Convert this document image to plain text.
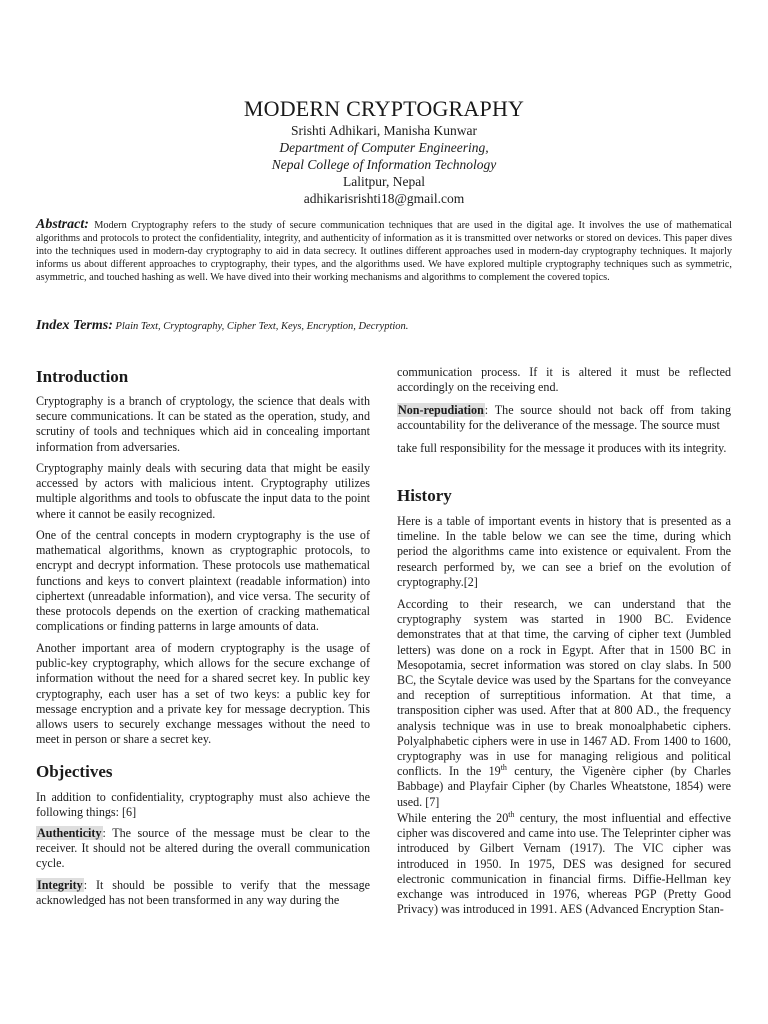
MODERN CRYPTOGRAPHY

Srishti Adhikari, Manisha Kunwar

Department of Computer Engineering,

Nepal College of Information Technology

Lalitpur, Nepal

adhikarisrishti18@gmail.com

Abstract: Modern Cryptography refers to the study of secure communication techniques that are used in the digital age. It involves the use of mathematical algorithms and protocols to protect the confidentiality, integrity, and authenticity of information as it is transmitted over networks or stored on devices. This paper dives into the techniques used in modern-day cryptography to aid in data secrecy. It outlines different approaches used in modern-day cryptography techniques. It majorly informs us about different approaches to cryptography, their types, and the algorithms used. We have explored multiple cryptography techniques such as symmetric, asymmetric, and touched hashing as well. We have dived into their working mechanisms and algorithms to complement the covered topics.

Index Terms: Plain Text, Cryptography, Cipher Text, Keys, Encryption, Decryption.

Introduction

Cryptography is a branch of cryptology, the science that deals with secure communications. It can be stated as the operation, study, and scrutiny of tools and techniques which aid in concealing important information from adversaries.

Cryptography mainly deals with securing data that might be easily accessed by actors with malicious intent. Cryptography utilizes multiple algorithms and tools to obfuscate the input data to the point where it cannot be easily recognized.

One of the central concepts in modern cryptography is the use of mathematical algorithms, known as cryptographic protocols, to encrypt and decrypt information. These protocols use mathematical functions and keys to convert plaintext (readable information) into ciphertext (unreadable information), and vice versa. The security of these protocols depends on the exertion of cracking mathematical complications or finding patterns in large amounts of data.

Another important area of modern cryptography is the usage of public-key cryptography, which allows for the secure exchange of information without the need for a shared secret key. In public key cryptography, each user has a set of two keys: a public key for message encryption and a private key for message decryption. This allows users to securely exchange messages without the need to meet in person or share a secret key.

Objectives

In addition to confidentiality, cryptography must also achieve the following things: [6]

Authenticity: The source of the message must be clear to the receiver. It should not be altered during the overall communication cycle.

Integrity: It should be possible to verify that the message acknowledged has not been transformed in any way during the

communication process. If it is altered it must be reflected accordingly on the receiving end.

Non-repudiation: The source should not back off from taking accountability for the deliverance of the message. The source must

take full responsibility for the message it produces with its integrity.

History

Here is a table of important events in history that is presented as a timeline. In the table below we can see the time, during which period the algorithms came into existence or equivalent. From the research performed by, we can see a brief on the evolution of cryptography.[2]

According to their research, we can understand that the cryptography system was started in 1900 BC. Evidence demonstrates that at that time, the carving of cipher text (Jumbled letters) was done on a rock in Egypt. After that in 1500 BC in Mesopotamia, secret information was stored on clay slabs. In 500 BC, the Scytale device was used by the Spartans for the conveyance and reception of surreptitious information. At that time, a transposition cipher was used. After that at 800 AD., the frequency analysis technique was in use to break monoalphabetic ciphers. Polyalphabetic ciphers were in use in 1467 AD. From 1400 to 1600, cryptography was in use for managing religious and political conflicts. In the 19th century, the Vigenère cipher (by Charles Babbage) and Playfair Cipher (by Charles Wheatstone, 1854) were used. [7]

While entering the 20th century, the most influential and effective cipher was discovered and came into use. The Teleprinter cipher was introduced by Gilbert Vernam (1917). The VIC cipher was introduced in 1950. In 1975, DES was designed for secured electronic communication in financial firms. Diffie-Hellman key exchange was introduced in 1976, whereas PGP (Pretty Good Privacy) was introduced in 1991. AES (Advanced Encryption Stan-
